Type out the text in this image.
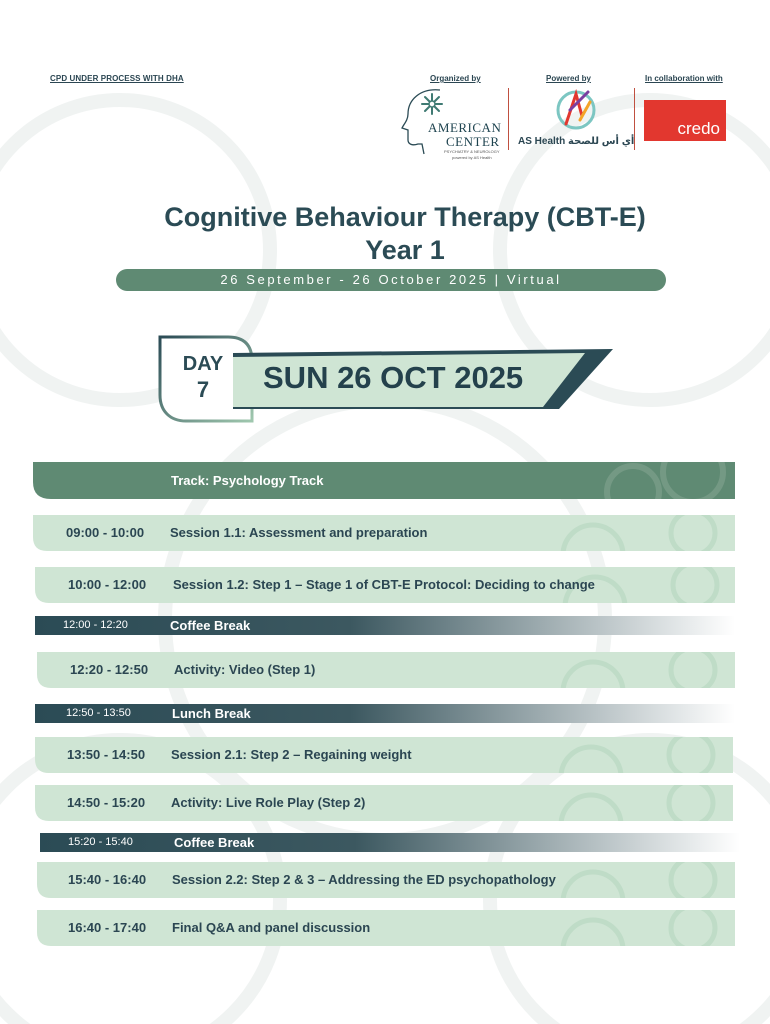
CPD UNDER PROCESS WITH DHA	Organized by	Powered by	In collaboration with
AMERICAN
CENTER
PSYCHIATRY & NEUROLOGY
powered by AS Health
AS Health أي أس للصحة
credo
Cognitive Behaviour Therapy (CBT-E)
Year 1
26 September - 26 October 2025 | Virtual
DAY
7	SUN 26 OCT 2025
Track: Psychology Track
09:00 - 10:00 Session 1.1: Assessment and preparation
10:00 - 12:00 Session 1.2: Step 1 – Stage 1 of CBT-E Protocol: Deciding to change
12:00 - 12:20	Coffee Break
12:20 - 12:50 Activity: Video (Step 1)
12:50 - 13:50	Lunch Break
13:50 - 14:50 Session 2.1: Step 2 – Regaining weight
14:50 - 15:20 Activity: Live Role Play (Step 2)
15:20 - 15:40	Coffee Break
15:40 - 16:40 Session 2.2: Step 2 & 3 – Addressing the ED psychopathology
16:40 - 17:40 Final Q&A and panel discussion
